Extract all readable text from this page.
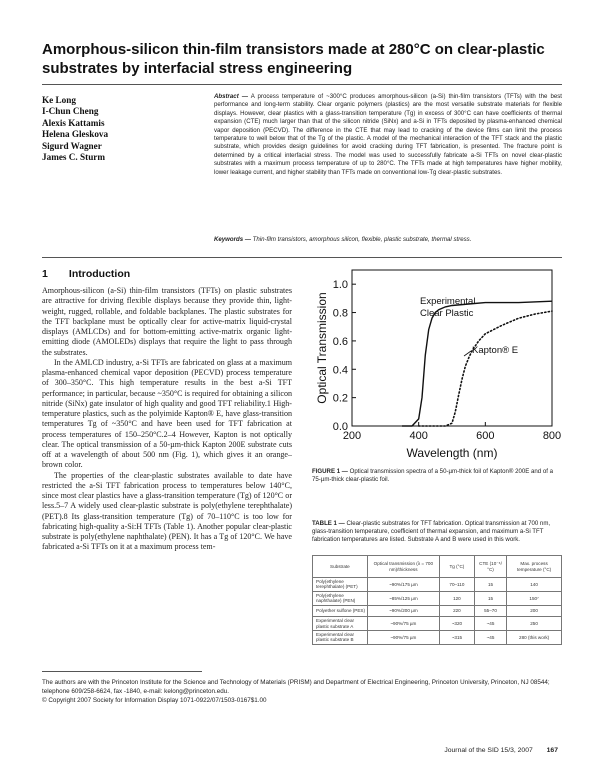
Amorphous-silicon thin-film transistors made at 280°C on clear-plastic substrates by interfacial stress engineering
Ke Long
I-Chun Cheng
Alexis Kattamis
Helena Gleskova
Sigurd Wagner
James C. Sturm
Abstract — A process temperature of ~300°C produces amorphous-silicon (a-Si) thin-film transistors (TFTs) with the best performance and long-term stability. Clear organic polymers (plastics) are the most versatile substrate materials for flexible displays. However, clear plastics with a glass-transition temperature (Tg) in excess of 300°C can have coefficients of thermal expansion (CTE) much larger than that of the silicon nitride (SiNx) and a-Si in TFTs deposited by plasma-enhanced chemical vapor deposition (PECVD). The difference in the CTE that may lead to cracking of the device films can limit the process temperature to well below that of the Tg of the plastic. A model of the mechanical interaction of the TFT stack and the plastic substrate, which provides design guidelines for avoid cracking during TFT fabrication, is presented. The fracture point is determined by a critical interfacial stress. The model was used to successfully fabricate a-Si TFTs on novel clear-plastic substrates with a maximum process temperature of up to 280°C. The TFTs made at high temperatures have higher mobility, lower leakage current, and higher stability than TFTs made on conventional low-Tg clear-plastic substrates.
Keywords — Thin-film transistors, amorphous silicon, flexible, plastic substrate, thermal stress.
1 Introduction

Amorphous-silicon (a-Si) thin-film transistors (TFTs) on plastic substrates are attractive for driving flexible displays because they provide thin, light-weight, rugged, rollable, and foldable backplanes. The plastic substrates for the TFT backplane must be optically clear for active-matrix liquid-crystal displays (AMLCDs) and for bottom-emitting active-matrix organic light-emitting diode (AMOLEDs) displays that require the light to pass through the substrates.

In the AMLCD industry, a-Si TFTs are fabricated on glass at a maximum plasma-enhanced chemical vapor deposition (PECVD) process temperature of 300–350°C. This high temperature results in the best a-Si TFT performance; in particular, because ~350°C is required for obtaining a silicon nitride (SiNx) gate insulator of high quality and good TFT reliability.1 High-temperature plastics, such as the polyimide Kapton® E, have glass-transition temperatures Tg of ~350°C and have been used for TFT fabrication at process temperatures of 150–250°C.2–4 However, Kapton is not optically clear. The optical transmission of a 50-µm-thick Kapton 200E substrate cuts off at a wavelength of about 500 nm (Fig. 1), which gives it an orange–brown color.

The properties of the clear-plastic substrates available to date have restricted the a-Si TFT fabrication process to temperatures below 140°C, since most clear plastics have a glass-transition temperature (Tg) of 120°C or less.5–7 A widely used clear-plastic substrate is poly(ethylene terephthalate) (PET).8 Its glass-transition temperature (Tg) of 70–110°C is too low for fabricating high-quality a-Si:H TFTs (Table 1). Another popular clear-plastic substrate is poly(ethylene naphthalate) (PEN). It has a Tg of 120°C. We have fabricated a-Si TFTs on it at a maximum process tem-

0.0
0.2
0.4
0.6
0.8
1.0
200	400	600	800
Optical Transmission
Wavelength (nm)
Experimental
Clear Plastic
Kapton® E
FIGURE 1 — Optical transmission spectra of a 50-µm-thick foil of Kapton® 200E and of a 75-µm-thick clear-plastic foil.
TABLE 1 — Clear-plastic substrates for TFT fabrication. Optical transmission at 700 nm, glass-transition temperature, coefficient of thermal expansion, and maximum a-Si TFT fabrication temperatures are listed. Substrate A and B were used in this work.
Substrate	Optical transmission (λ = 700 nm)/thickness	Tg (°C)	CTE (10⁻⁶/°C)	Max. process temperature (°C)
Poly(ethylene terephthalate) (PET)	~90%/175 µm	70–110	15	140
Poly(ethylene naphthalate) (PEN)	~85%/125 µm	120	15	150⁷
Polyether sulfone (PES)	~90%/200 µm	220	55–70	200
Experimental clear plastic substrate A	~90%/75 µm	~320	~45	250
Experimental clear plastic substrate B	~90%/75 µm	~315	~45	280 (this work)
The authors are with the Princeton Institute for the Science and Technology of Materials (PRISM) and Department of Electrical Engineering, Princeton University, Princeton, NJ 08544; telephone 609/258-6624, fax -1840, e-mail: kelong@princeton.edu.
© Copyright 2007 Society for Information Display 1071-0922/07/1503-0167$1.00
Journal of the SID 15/3, 2007 167
